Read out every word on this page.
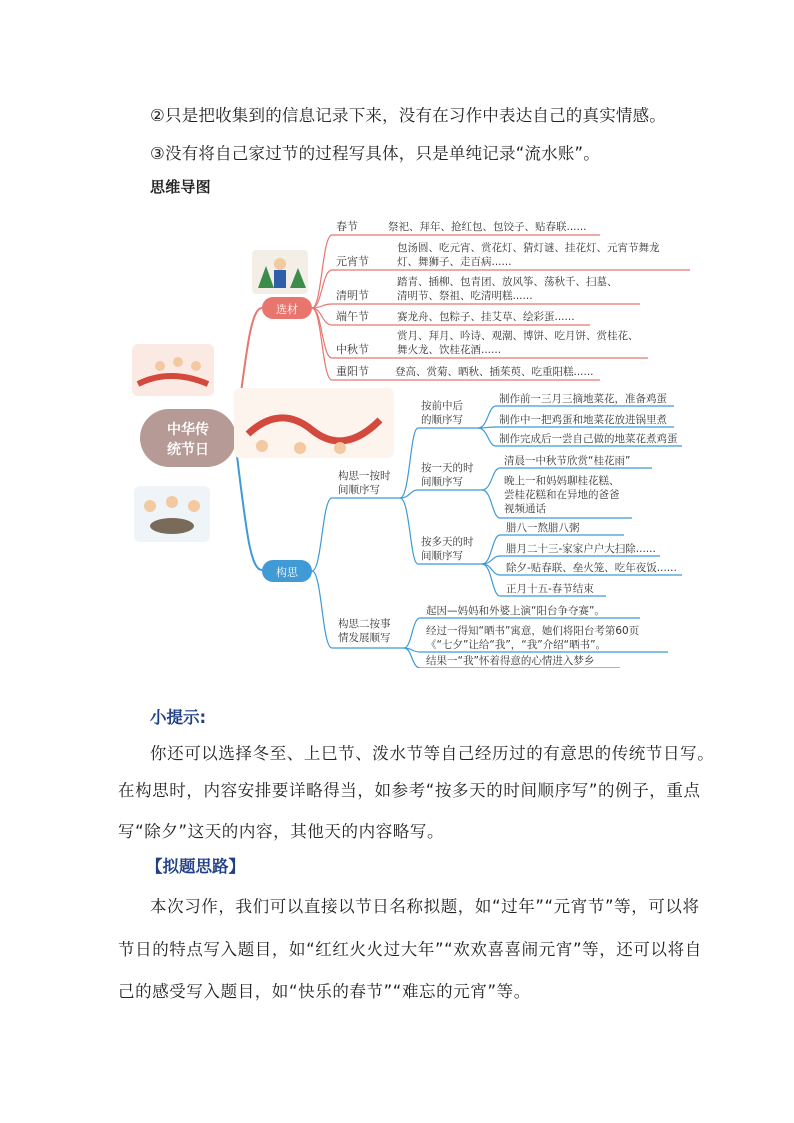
②只是把收集到的信息记录下来，没有在习作中表达自己的真实情感。
③没有将自己家过节的过程写具体，只是单纯记录“流水账”。
思维导图
中华传
统节日
选材
构思
春节	祭祀、拜年、抢红包、包饺子、贴春联......
元宵节
包汤圆、吃元宵、赏花灯、猜灯谜、挂花灯、元宵节舞龙
灯、舞狮子、走百病......
清明节
踏青、插柳、包青团、放风筝、荡秋千、扫墓、
清明节、祭祖、吃清明糕......
端午节	赛龙舟、包粽子、挂艾草、绘彩蛋......
中秋节
赏月、拜月、吟诗、观潮、博饼、吃月饼、赏桂花、
舞火龙、饮桂花酒......
重阳节 登高、赏菊、晒秋、插茱萸、吃重阳糕......
构思一按时
间顺序写
构思二按事
情发展顺写
按前中后
的顺序写
按一天的时
间顺序写
按多天的时
间顺序写
制作前一三月三摘地菜花，准备鸡蛋
制作中一把鸡蛋和地菜花放进锅里煮
制作完成后一尝自己做的地菜花煮鸡蛋
清晨一中秋节欣赏“桂花雨”
晚上一和妈妈聊桂花糕、
尝桂花糕和在异地的爸爸
视频通话
腊八一熬腊八粥
腊月二十三-家家户户大扫除......
除夕-贴春联、垒火笼、吃年夜饭......
正月十五-春节结束
起因—妈妈和外婆上演“阳台争夺赛”。
经过一得知“晒书”寓意，她们将阳台考第60页
《“七夕”让给“我”，“我”介绍“晒书”。
结果一“我”怀着得意的心情进入梦乡
小提示:
你还可以选择冬至、上巳节、泼水节等自己经历过的有意思的传统节日写。
在构思时，内容安排要详略得当，如参考“按多天的时间顺序写”的例子，重点
写“除夕”这天的内容，其他天的内容略写。
【拟题思路】
本次习作，我们可以直接以节日名称拟题，如“过年”“元宵节”等，可以将
节日的特点写入题目，如“红红火火过大年”“欢欢喜喜闹元宵”等，还可以将自
己的感受写入题目，如“快乐的春节”“难忘的元宵”等。
